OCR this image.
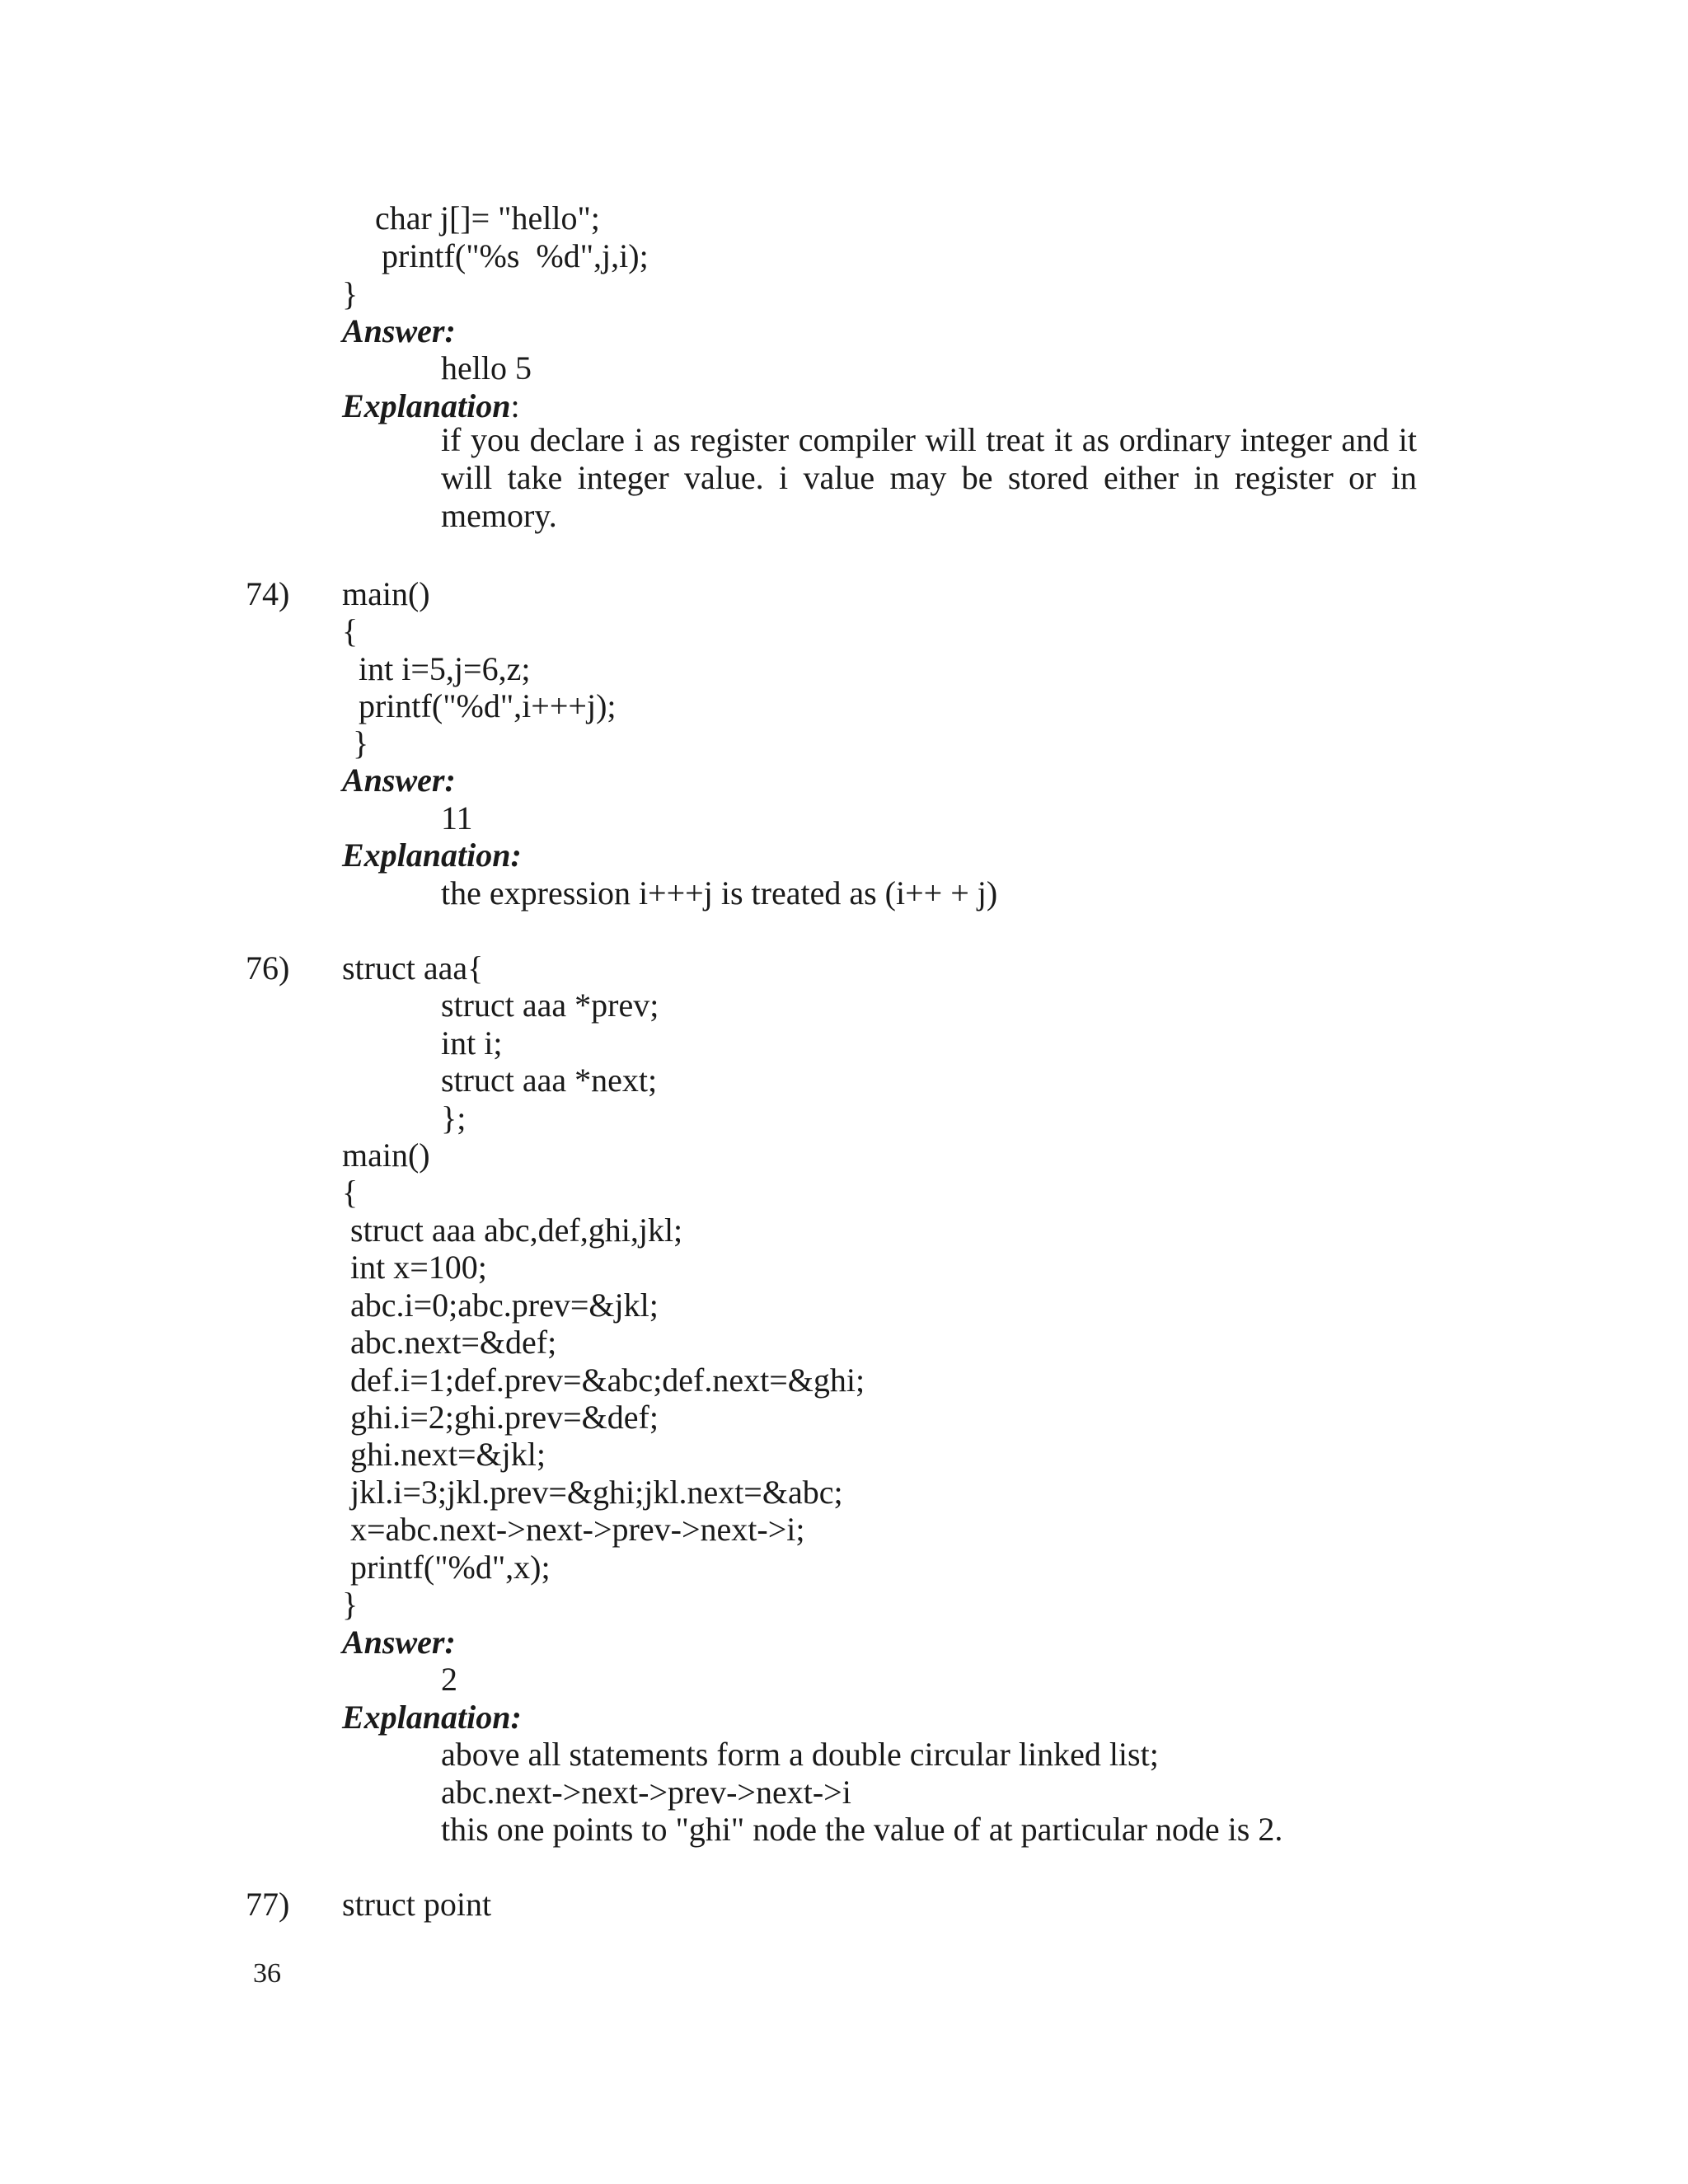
char j[]= "hello";
printf("%s  %d",j,i);
}
Answer:
hello 5
Explanation:
if you declare i as register compiler will treat it as ordinary integer and it will take integer value. i value may be stored either in register or in memory.
74) main()
{
int i=5,j=6,z;
printf("%d",i+++j);
}
Answer:
11
Explanation:
the expression i+++j is treated as (i++ + j)
76) struct aaa{
struct aaa *prev;
int i;
struct aaa *next;
};
main()
{
struct aaa abc,def,ghi,jkl;
int x=100;
abc.i=0;abc.prev=&jkl;
abc.next=&def;
def.i=1;def.prev=&abc;def.next=&ghi;
ghi.i=2;ghi.prev=&def;
ghi.next=&jkl;
jkl.i=3;jkl.prev=&ghi;jkl.next=&abc;
x=abc.next->next->prev->next->i;
printf("%d",x);
}
Answer:
2
Explanation:
above all statements form a double circular linked list;
abc.next->next->prev->next->i
this one points to "ghi" node the value of at particular node is 2.
77) struct point
36
